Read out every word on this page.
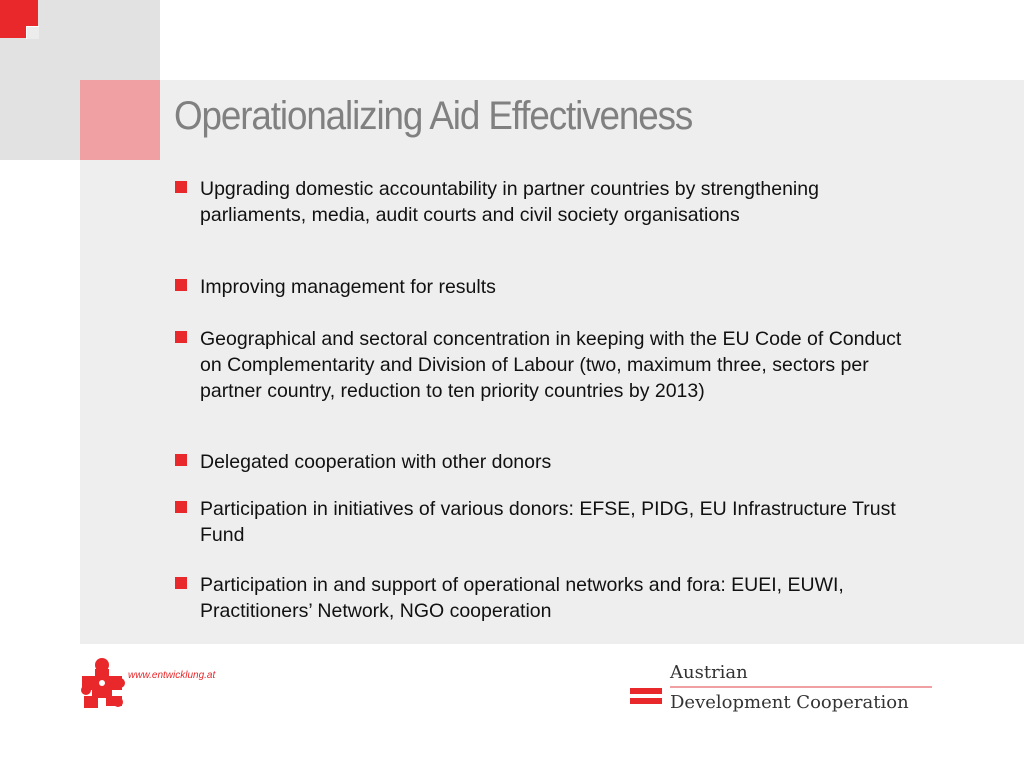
Operationalizing Aid Effectiveness
Upgrading domestic accountability in partner countries by strengthening parliaments, media, audit courts and civil society organisations
Improving management for results
Geographical and sectoral concentration in keeping with the EU Code of Conduct on Complementarity and Division of Labour (two, maximum three, sectors per partner country, reduction to ten priority countries by 2013)
Delegated cooperation with other donors
Participation in initiatives of various donors: EFSE, PIDG, EU Infrastructure Trust Fund
Participation in and support of operational networks and fora: EUEI, EUWI, Practitioners’ Network, NGO cooperation
www.entwicklung.at	Austrian
Development Cooperation
